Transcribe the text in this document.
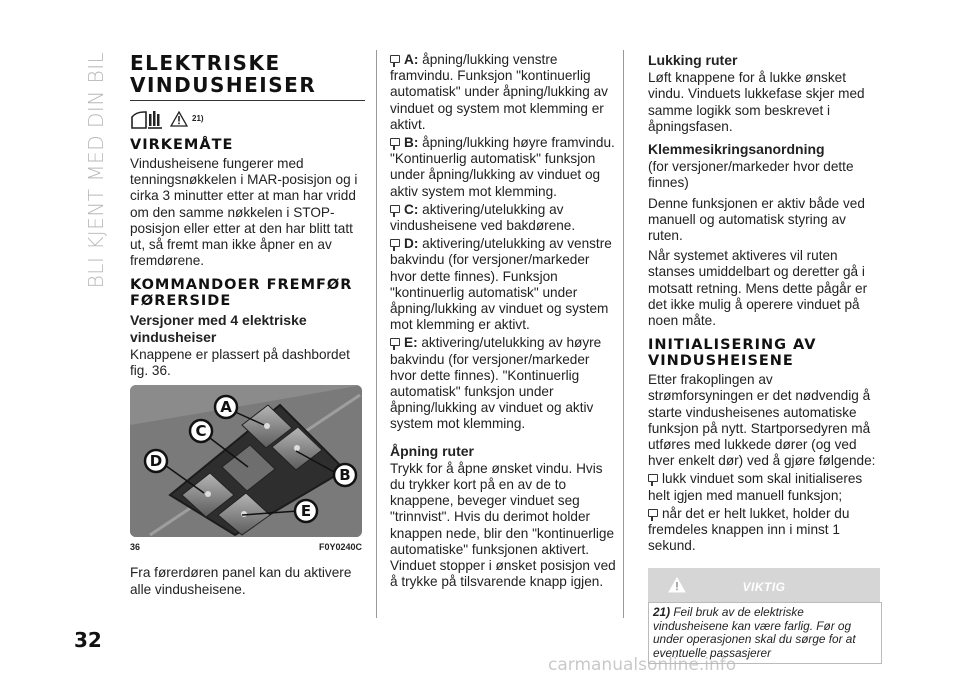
BLI KJENT MED DIN BIL
32
carmanualsonline.info
ELEKTRISKE VINDUSHEISER
21)
VIRKEMÅTE

Vindusheisene fungerer med tenningsnøkkelen i MAR-posisjon og i cirka 3 minutter etter at man har vridd om den samme nøkkelen i STOP-posisjon eller etter at den har blitt tatt ut, så fremt man ikke åpner en av fremdørene.

KOMMANDOER FREMFØR FØRERSIDE
Versjoner med 4 elektriske vindusheiser

Knappene er plassert på dashbordet fig. 36.

A
B
C
D
E
36	F0Y0240C

Fra førerdøren panel kan du aktivere alle vindusheisene.

A: åpning/lukking venstre framvindu. Funksjon "kontinuerlig automatisk" under åpning/lukking av vinduet og system mot klemming er aktivt.

B: åpning/lukking høyre framvindu. "Kontinuerlig automatisk" funksjon under åpning/lukking av vinduet og aktiv system mot klemming.

C: aktivering/utelukking av vindusheisene ved bakdørene.

D: aktivering/utelukking av venstre bakvindu (for versjoner/markeder hvor dette finnes). Funksjon "kontinuerlig automatisk" under åpning/lukking av vinduet og system mot klemming er aktivt.

E: aktivering/utelukking av høyre bakvindu (for versjoner/markeder hvor dette finnes). "Kontinuerlig automatisk" funksjon under åpning/lukking av vinduet og aktiv system mot klemming.

Åpning ruter

Trykk for å åpne ønsket vindu. Hvis du trykker kort på en av de to knappene, beveger vinduet seg "trinnvist". Hvis du derimot holder knappen nede, blir den "kontinuerlige automatiske" funksjonen aktivert. Vinduet stopper i ønsket posisjon ved å trykke på tilsvarende knapp igjen.

Lukking ruter

Løft knappene for å lukke ønsket vindu. Vinduets lukkefase skjer med samme logikk som beskrevet i åpningsfasen.

Klemmesikringsanordning

(for versjoner/markeder hvor dette finnes)

Denne funksjonen er aktiv både ved manuell og automatisk styring av ruten.

Når systemet aktiveres vil ruten stanses umiddelbart og deretter gå i motsatt retning. Mens dette pågår er det ikke mulig å operere vinduet på noen måte.

INITIALISERING AV VINDUSHEISENE

Etter frakoplingen av strømforsyningen er det nødvendig å starte vindusheisenes automatiske funksjon på nytt. Startporsedyren må utføres med lukkede dører (og ved hver enkelt dør) ved å gjøre følgende:

lukk vinduet som skal initialiseres helt igjen med manuell funksjon;

når det er helt lukket, holder du fremdeles knappen inn i minst 1 sekund.

VIKTIG
21) Feil bruk av de elektriske vindusheisene kan være farlig. Før og under operasjonen skal du sørge for at eventuelle passasjerer
